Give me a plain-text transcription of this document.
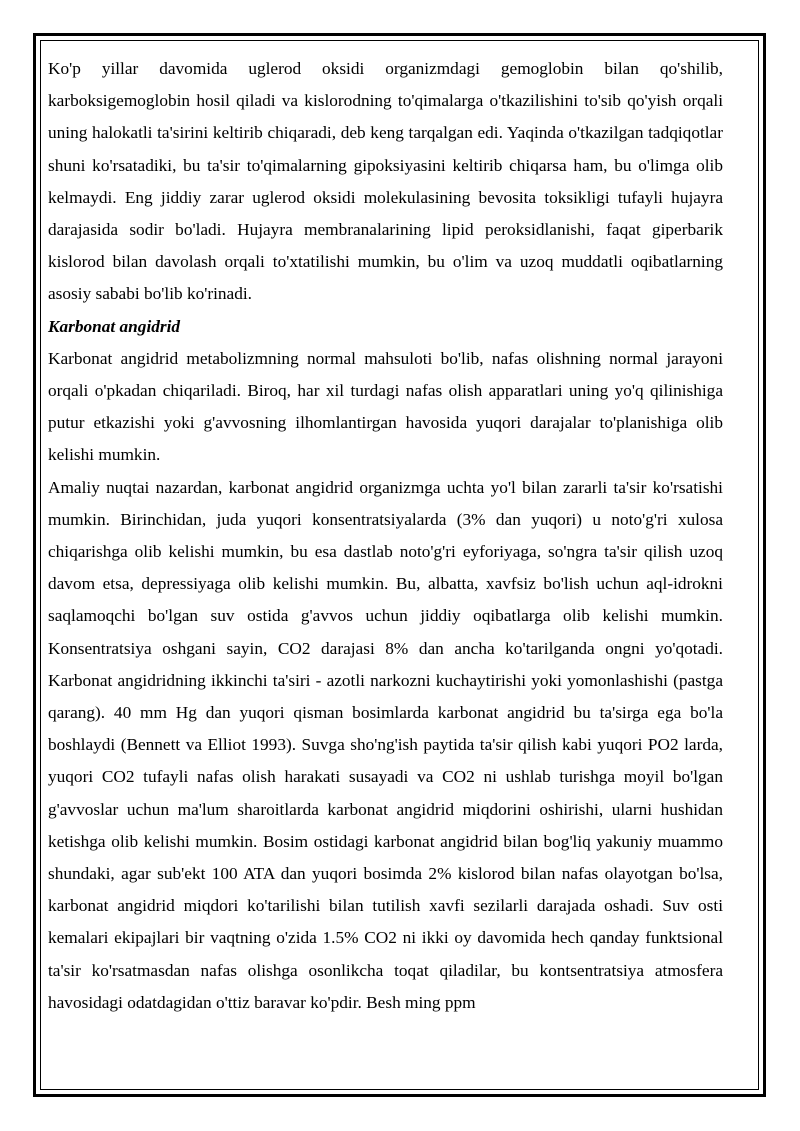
Ko'p yillar davomida uglerod oksidi organizmdagi gemoglobin bilan qo'shilib, karboksigemoglobin hosil qiladi va kislorodning to'qimalarga o'tkazilishini to'sib qo'yish orqali uning halokatli ta'sirini keltirib chiqaradi, deb keng tarqalgan edi. Yaqinda o'tkazilgan tadqiqotlar shuni ko'rsatadiki, bu ta'sir to'qimalarning gipoksiyasini keltirib chiqarsa ham, bu o'limga olib kelmaydi. Eng jiddiy zarar uglerod oksidi molekulasining bevosita toksikligi tufayli hujayra darajasida sodir bo'ladi. Hujayra membranalarining lipid peroksidlanishi, faqat giperbarik kislorod bilan davolash orqali to'xtatilishi mumkin, bu o'lim va uzoq muddatli oqibatlarning asosiy sababi bo'lib ko'rinadi.

Karbonat angidrid

Karbonat angidrid metabolizmning normal mahsuloti bo'lib, nafas olishning normal jarayoni orqali o'pkadan chiqariladi. Biroq, har xil turdagi nafas olish apparatlari uning yo'q qilinishiga putur etkazishi yoki g'avvosning ilhomlantirgan havosida yuqori darajalar to'planishiga olib kelishi mumkin.

Amaliy nuqtai nazardan, karbonat angidrid organizmga uchta yo'l bilan zararli ta'sir ko'rsatishi mumkin. Birinchidan, juda yuqori konsentratsiyalarda (3% dan yuqori) u noto'g'ri xulosa chiqarishga olib kelishi mumkin, bu esa dastlab noto'g'ri eyforiyaga, so'ngra ta'sir qilish uzoq davom etsa, depressiyaga olib kelishi mumkin. Bu, albatta, xavfsiz bo'lish uchun aql-idrokni saqlamoqchi bo'lgan suv ostida g'avvos uchun jiddiy oqibatlarga olib kelishi mumkin. Konsentratsiya oshgani sayin, CO2 darajasi 8% dan ancha ko'tarilganda ongni yo'qotadi. Karbonat angidridning ikkinchi ta'siri - azotli narkozni kuchaytirishi yoki yomonlashishi (pastga qarang). 40 mm Hg dan yuqori qisman bosimlarda karbonat angidrid bu ta'sirga ega bo'la boshlaydi (Bennett va Elliot 1993). Suvga sho'ng'ish paytida ta'sir qilish kabi yuqori PO2 larda, yuqori CO2 tufayli nafas olish harakati susayadi va CO2 ni ushlab turishga moyil bo'lgan g'avvoslar uchun ma'lum sharoitlarda karbonat angidrid miqdorini oshirishi, ularni hushidan ketishga olib kelishi mumkin. Bosim ostidagi karbonat angidrid bilan bog'liq yakuniy muammo shundaki, agar sub'ekt 100 ATA dan yuqori bosimda 2% kislorod bilan nafas olayotgan bo'lsa, karbonat angidrid miqdori ko'tarilishi bilan tutilish xavfi sezilarli darajada oshadi. Suv osti kemalari ekipajlari bir vaqtning o'zida 1.5% CO2 ni ikki oy davomida hech qanday funktsional ta'sir ko'rsatmasdan nafas olishga osonlikcha toqat qiladilar, bu kontsentratsiya atmosfera havosidagi odatdagidan o'ttiz baravar ko'pdir. Besh ming ppm
